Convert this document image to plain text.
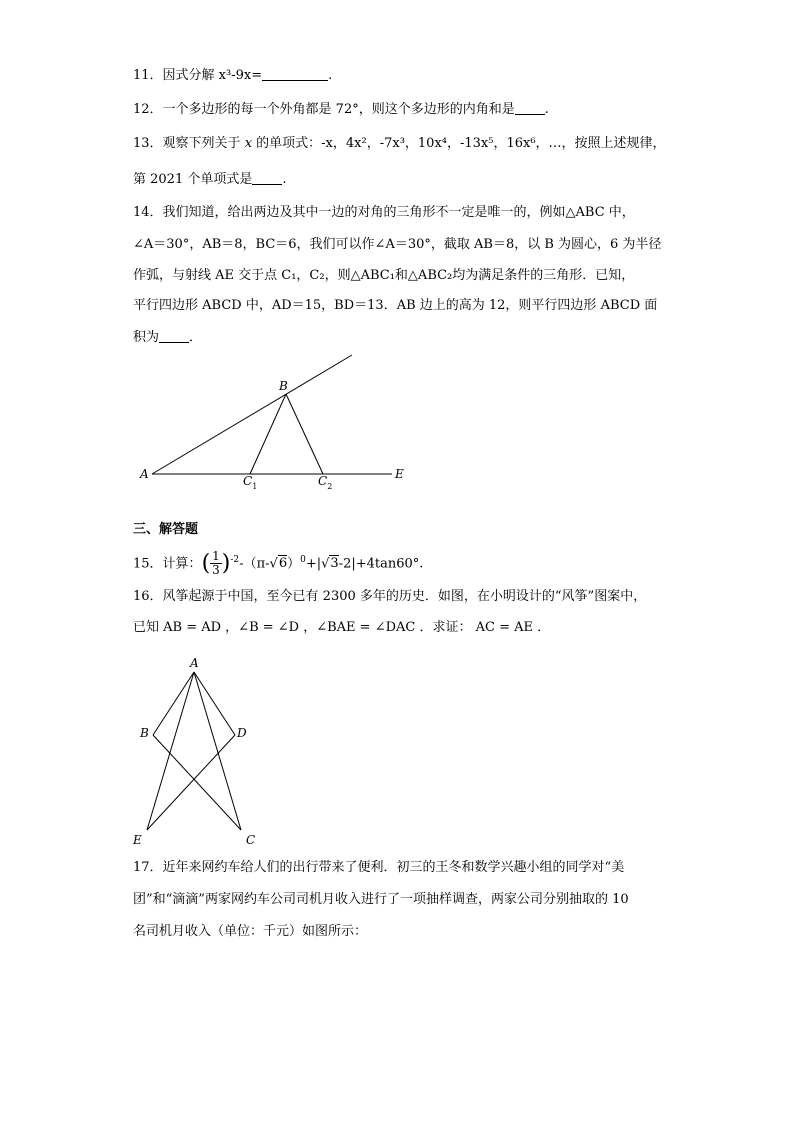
11．因式分解 x³-9x=	.
12．一个多边形的每一个外角都是 72°，则这个多边形的内角和是 .
13．观察下列关于 x 的单项式：-x，4x²，-7x³，10x⁴，-13x⁵，16x⁶，…，按照上述规律，
第 2021 个单项式是 .
14．我们知道，给出两边及其中一边的对角的三角形不一定是唯一的，例如△ABC 中，
∠A＝30°，AB＝8，BC＝6，我们可以作∠A＝30°，截取 AB＝8，以 B 为圆心，6 为半径
作弧，与射线 AE 交于点 C₁，C₂，则△ABC₁和△ABC₂均为满足条件的三角形．已知，
平行四边形 ABCD 中，AD＝15，BD＝13．AB 边上的高为 12，则平行四边形 ABCD 面
积为 ．
A
B
$C_1$	$C_2$
E
三、解答题
15．计算：( $\frac{1}{3} )^{-2}-(\pi-√6)^0+|√3-2|+4\tan 60^\circ$.
16．风筝起源于中国，至今已有 2300 多年的历史．如图，在小明设计的“风筝”图案中，
已知 AB = AD ，∠B = ∠D ，∠BAE = ∠DAC ．求证： AC = AE ．
A
B	D
E	C
17．近年来网约车给人们的出行带来了便利．初三的王冬和数学兴趣小组的同学对“美
团”和“滴滴”两家网约车公司司机月收入进行了一项抽样调查，两家公司分别抽取的 10
名司机月收入（单位：千元）如图所示：
